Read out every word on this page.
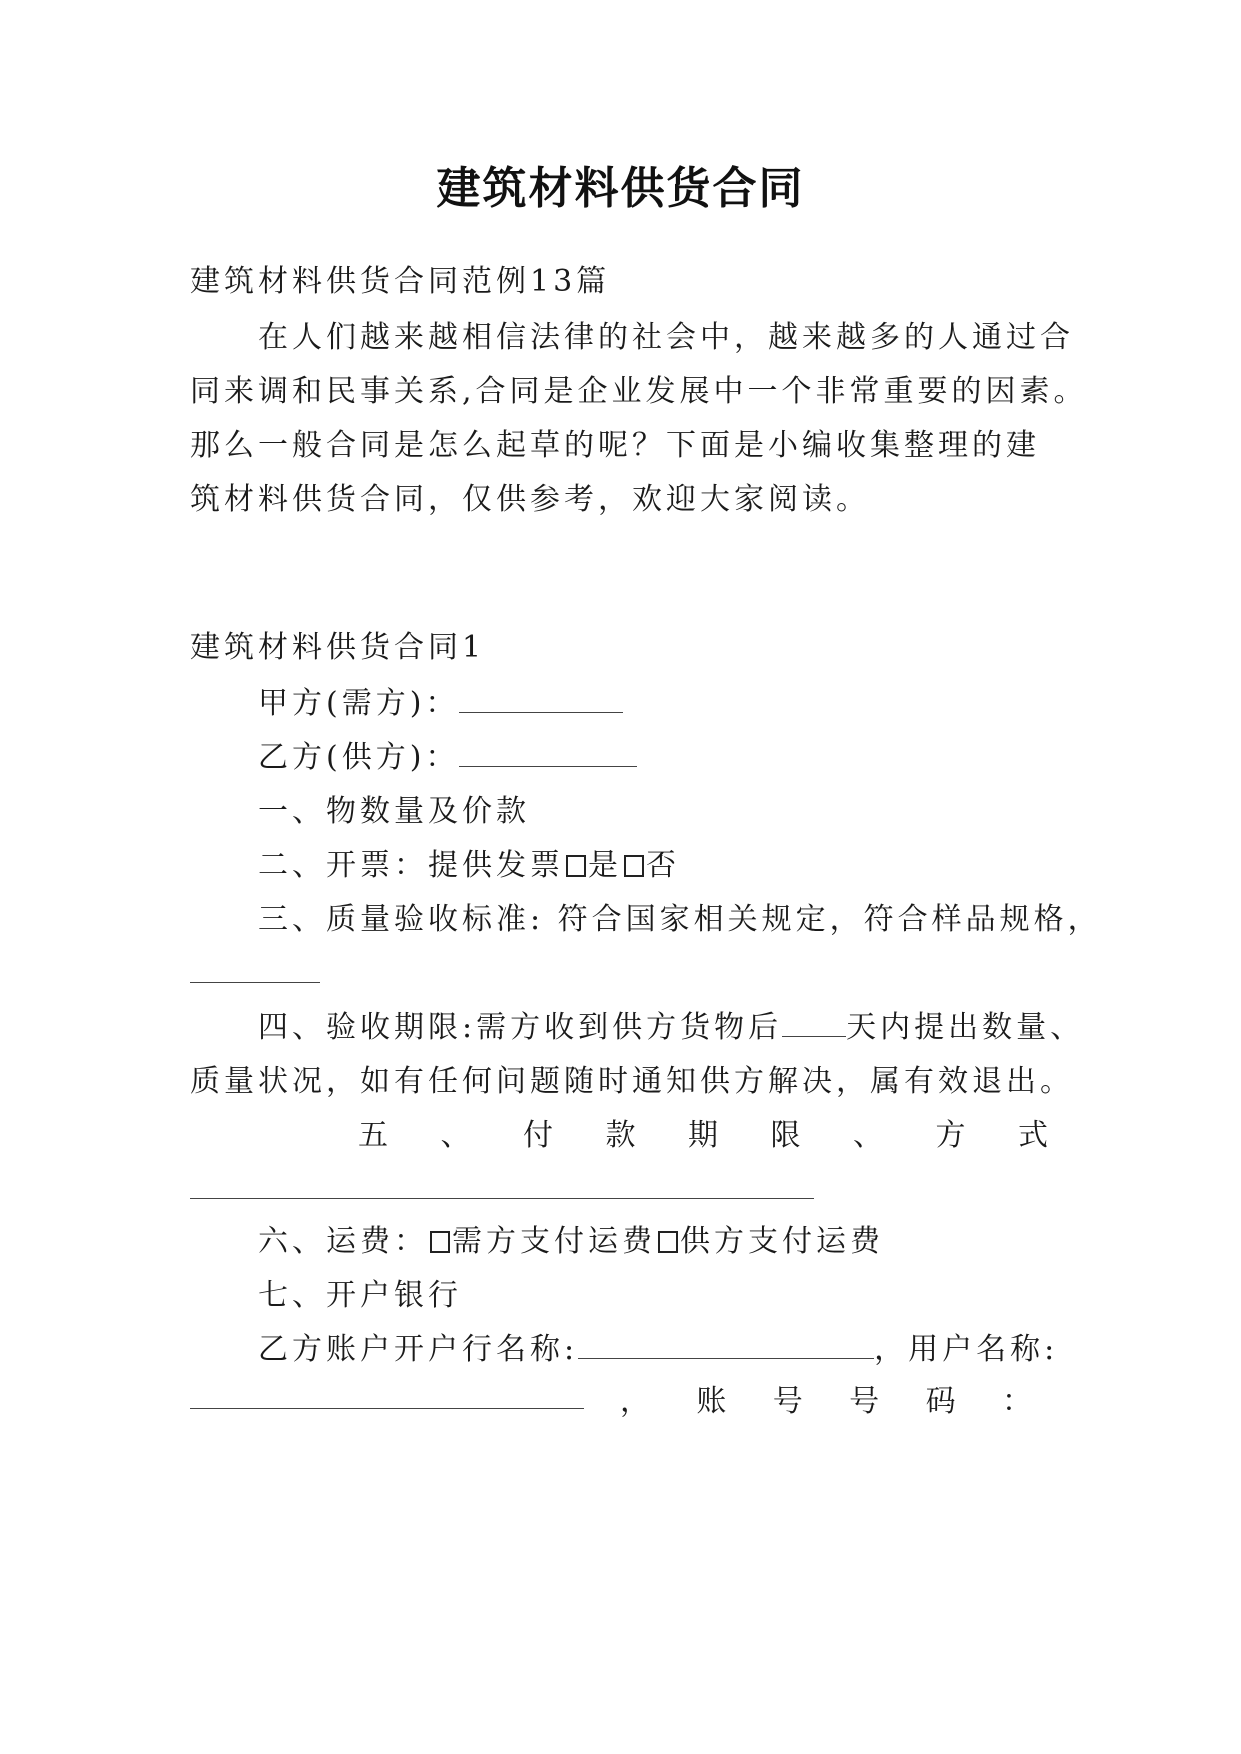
建筑材料供货合同
建筑材料供货合同范例13篇
在人们越来越相信法律的社会中，越来越多的人通过合
同来调和民事关系,合同是企业发展中一个非常重要的因素。
那么一般合同是怎么起草的呢？下面是小编收集整理的建
筑材料供货合同，仅供参考，欢迎大家阅读。
建筑材料供货合同1
甲方(需方)：
乙方(供方)：
一、物数量及价款
二、开票：提供发票 是 否
三、质量验收标准: 符合国家相关规定，符合样品规格，
四、验收期限:需方收到供方货物后 天内提出数量、
质量状况，如有任何问题随时通知供方解决，属有效退出。
五 、 付 款 期 限 、 方 式
六、运费： 需方支付运费 供方支付运费
七、开户银行
乙方账户开户行名称:	，用户名称:
， 账 号 号 码 ：
